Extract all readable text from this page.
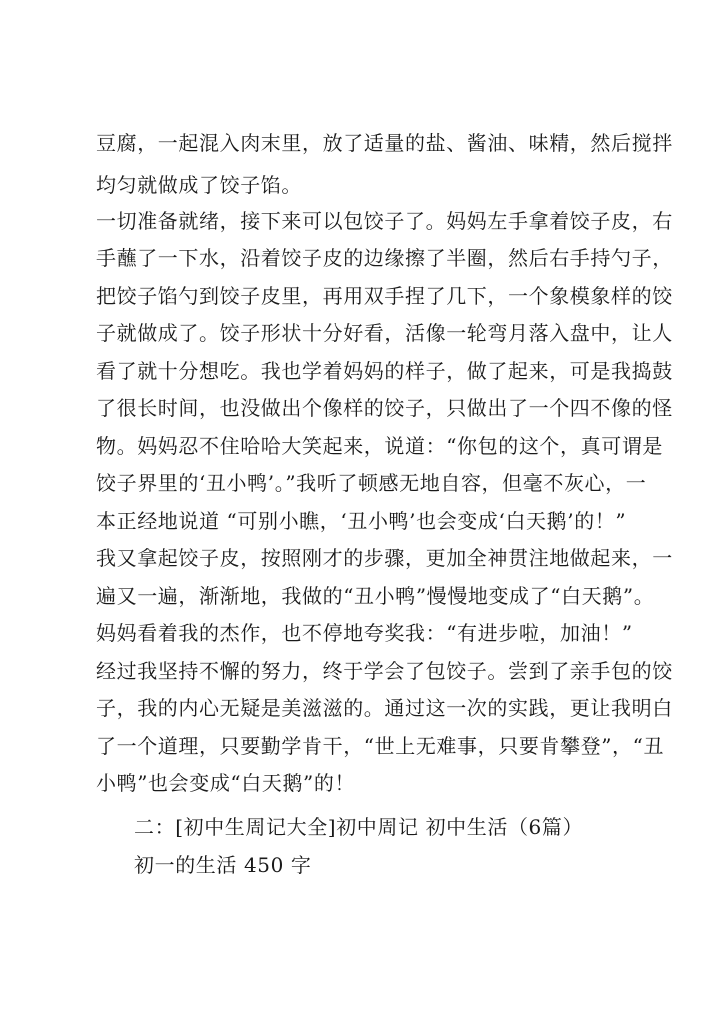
豆腐，一起混入肉末里，放了适量的盐、酱油、味精，然后搅拌
均匀就做成了饺子馅。
一切准备就绪，接下来可以包饺子了。妈妈左手拿着饺子皮，右
手蘸了一下水，沿着饺子皮的边缘擦了半圈，然后右手持勺子，
把饺子馅勺到饺子皮里，再用双手捏了几下，一个象模象样的饺
子就做成了。饺子形状十分好看，活像一轮弯月落入盘中，让人
看了就十分想吃。我也学着妈妈的样子，做了起来，可是我捣鼓
了很长时间，也没做出个像样的饺子，只做出了一个四不像的怪
物。妈妈忍不住哈哈大笑起来，说道：“你包的这个，真可谓是
饺子界里的‘丑小鸭’。”我听了顿感无地自容，但毫不灰心，一
本正经地说道 “可别小瞧，‘丑小鸭’也会变成‘白天鹅’的！”
我又拿起饺子皮，按照刚才的步骤，更加全神贯注地做起来，一
遍又一遍，渐渐地，我做的“丑小鸭”慢慢地变成了“白天鹅”。
妈妈看着我的杰作，也不停地夸奖我：“有进步啦，加油！”
经过我坚持不懈的努力，终于学会了包饺子。尝到了亲手包的饺
子，我的内心无疑是美滋滋的。通过这一次的实践，更让我明白
了一个道理，只要勤学肯干，“世上无难事，只要肯攀登”，“丑
小鸭”也会变成“白天鹅”的！
二：[初中生周记大全]初中周记 初中生活（6篇）
初一的生活 450 字
